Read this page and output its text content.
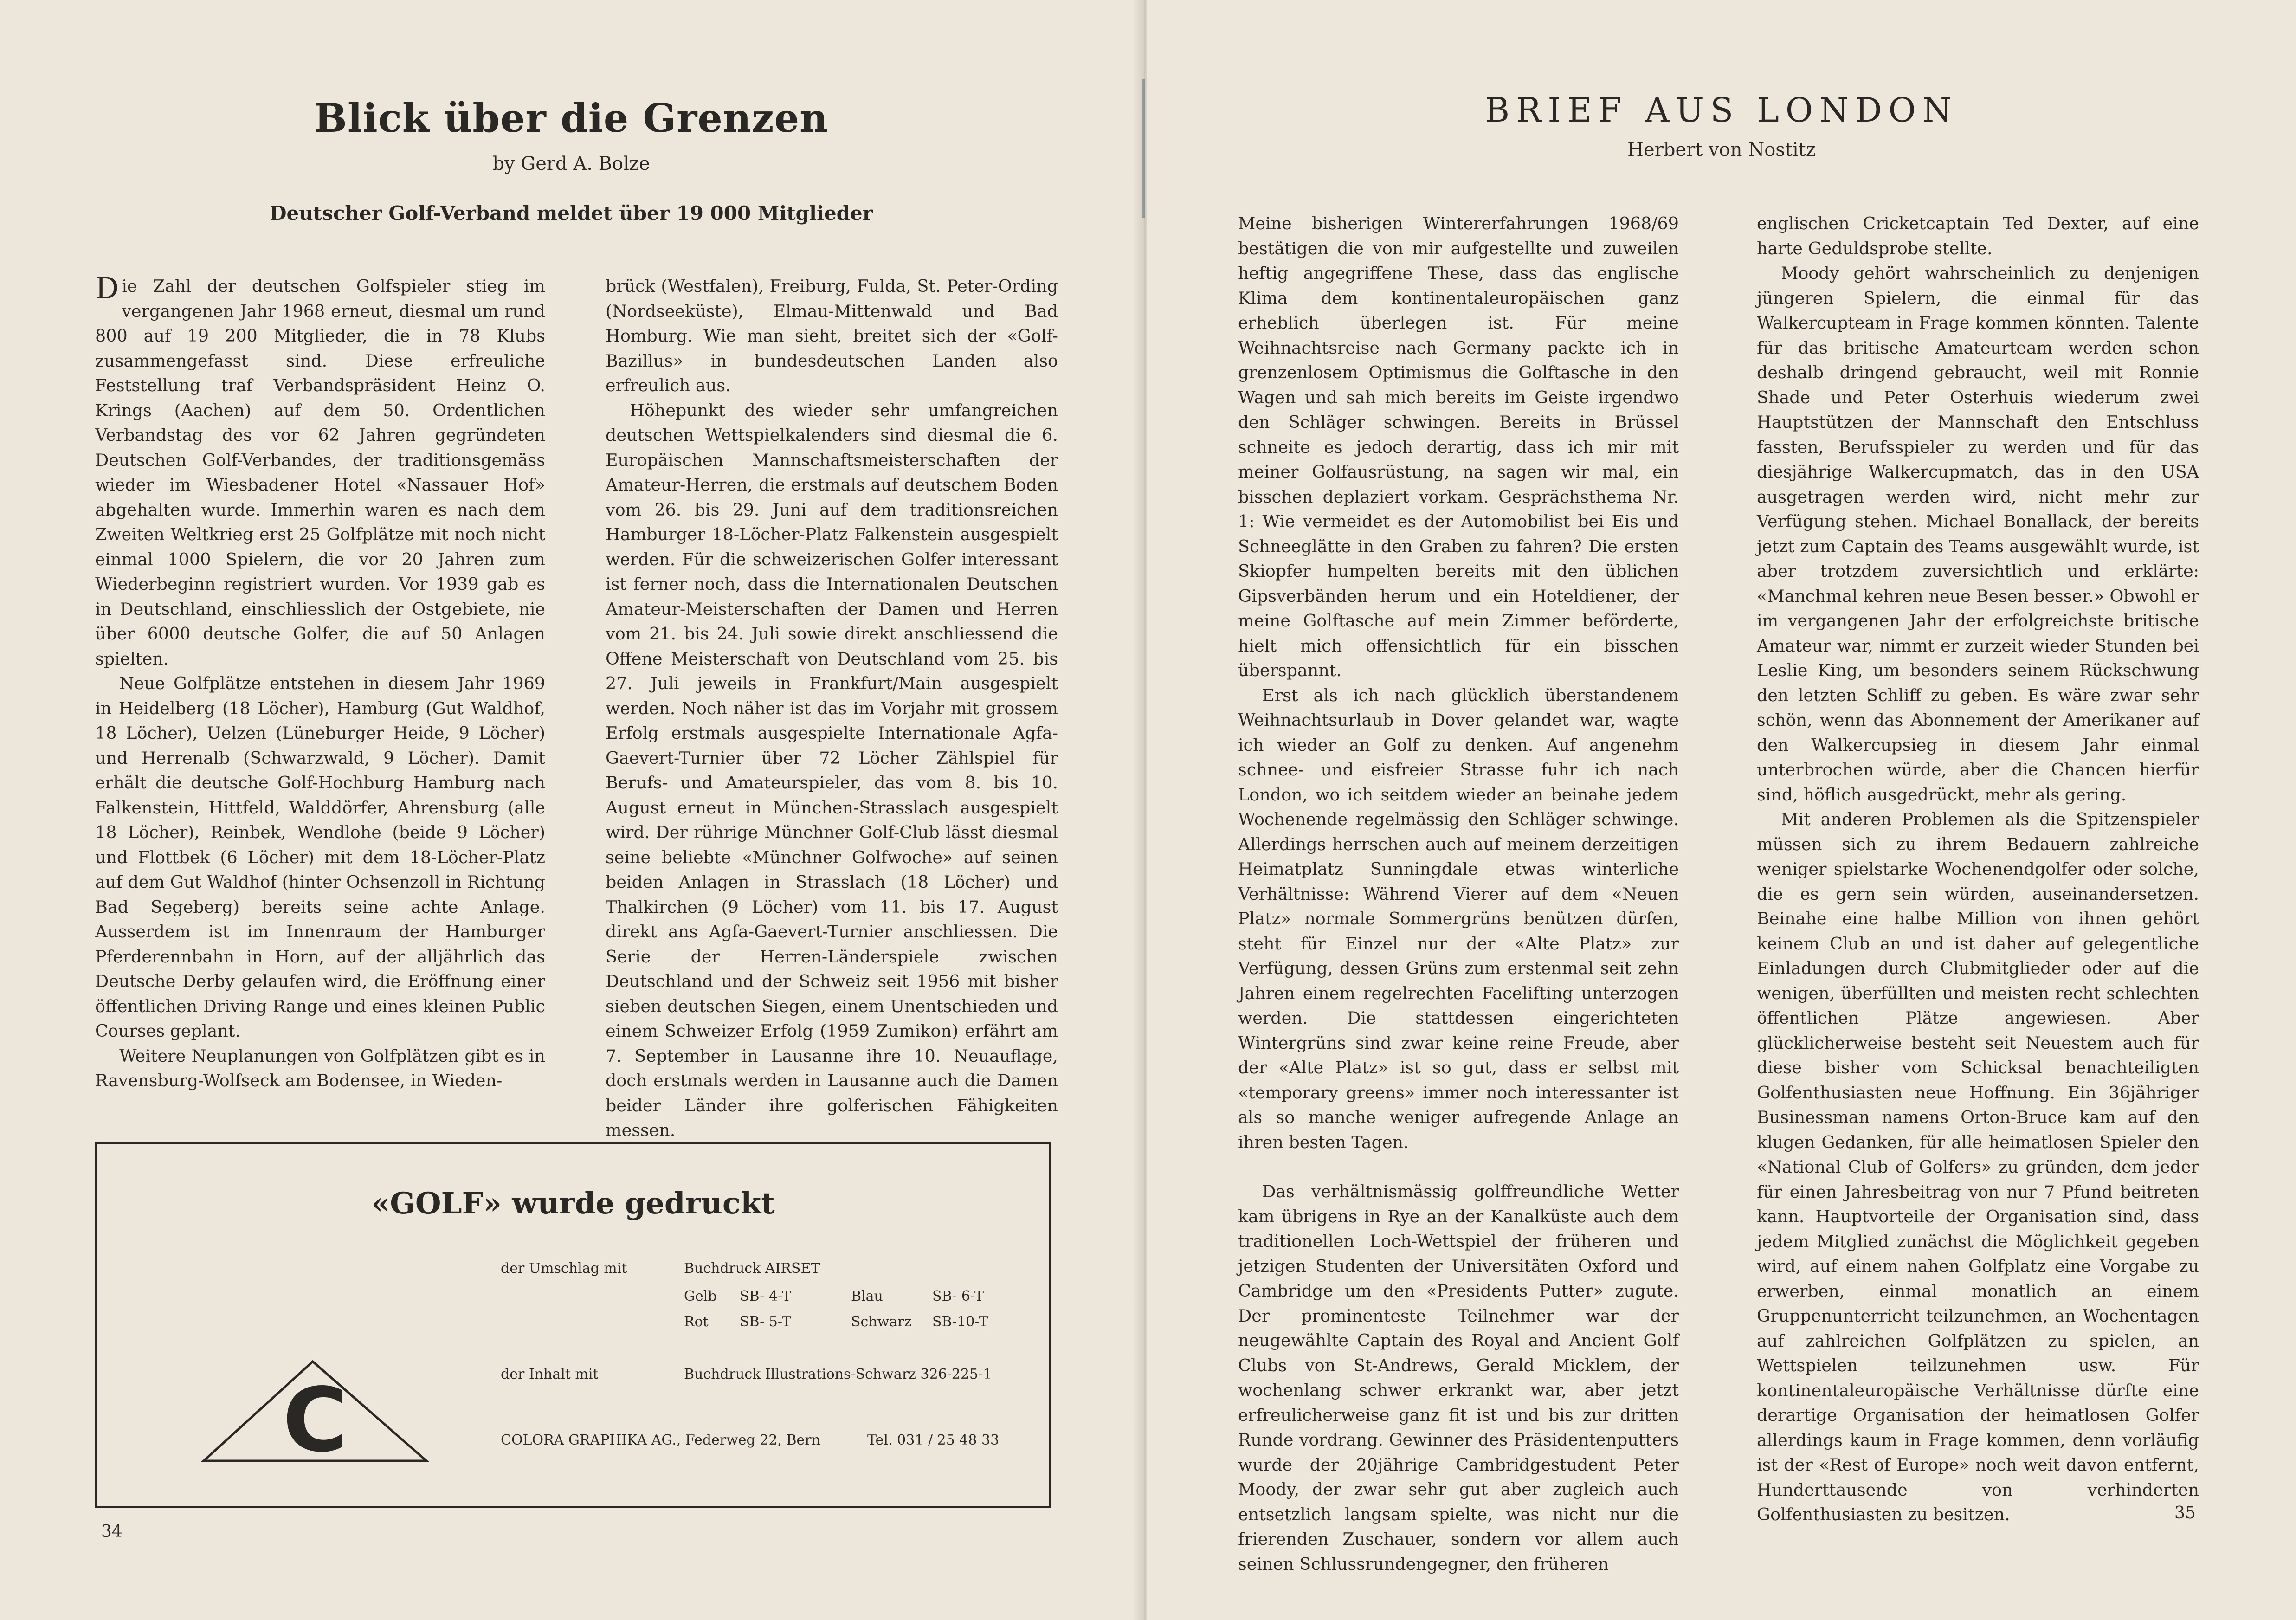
Blick über die Grenzen
by Gerd A. Bolze
Deutscher Golf-Verband meldet über 19 000 Mitglieder

Die Zahl der deutschen Golfspieler stieg im vergangenen Jahr 1968 erneut, diesmal um rund 800 auf 19 200 Mitglieder, die in 78 Klubs zusammengefasst sind. Diese erfreuliche Feststellung traf Verbandspräsident Heinz O. Krings (Aachen) auf dem 50. Ordentlichen Verbandstag des vor 62 Jahren gegründeten Deutschen Golf-Verbandes, der traditionsgemäss wieder im Wiesbadener Hotel «Nassauer Hof» abgehalten wurde. Immerhin waren es nach dem Zweiten Weltkrieg erst 25 Golfplätze mit noch nicht einmal 1000 Spielern, die vor 20 Jahren zum Wiederbeginn registriert wurden. Vor 1939 gab es in Deutschland, einschliesslich der Ostgebiete, nie über 6000 deutsche Golfer, die auf 50 Anlagen spielten.

Neue Golfplätze entstehen in diesem Jahr 1969 in Heidelberg (18 Löcher), Hamburg (Gut Waldhof, 18 Löcher), Uelzen (Lüneburger Heide, 9 Löcher) und Herrenalb (Schwarzwald, 9 Löcher). Damit erhält die deutsche Golf-Hochburg Hamburg nach Falkenstein, Hittfeld, Walddörfer, Ahrensburg (alle 18 Löcher), Reinbek, Wendlohe (beide 9 Löcher) und Flottbek (6 Löcher) mit dem 18-Löcher-Platz auf dem Gut Waldhof (hinter Ochsenzoll in Richtung Bad Segeberg) bereits seine achte Anlage. Ausserdem ist im Innenraum der Hamburger Pferderennbahn in Horn, auf der alljährlich das Deutsche Derby gelaufen wird, die Eröffnung einer öffentlichen Driving Range und eines kleinen Public Courses geplant.

Weitere Neuplanungen von Golfplätzen gibt es in Ravensburg-Wolfseck am Bodensee, in Wieden-

brück (Westfalen), Freiburg, Fulda, St. Peter-Ording (Nordseeküste), Elmau-Mittenwald und Bad Homburg. Wie man sieht, breitet sich der «Golf-Bazillus» in bundesdeutschen Landen also erfreulich aus.

Höhepunkt des wieder sehr umfangreichen deutschen Wettspielkalenders sind diesmal die 6. Europäischen Mannschaftsmeisterschaften der Amateur-Herren, die erstmals auf deutschem Boden vom 26. bis 29. Juni auf dem traditionsreichen Hamburger 18-Löcher-Platz Falkenstein ausgespielt werden. Für die schweizerischen Golfer interessant ist ferner noch, dass die Internationalen Deutschen Amateur-Meisterschaften der Damen und Herren vom 21. bis 24. Juli sowie direkt anschliessend die Offene Meisterschaft von Deutschland vom 25. bis 27. Juli jeweils in Frankfurt/Main ausgespielt werden. Noch näher ist das im Vorjahr mit grossem Erfolg erstmals ausgespielte Internationale Agfa-Gaevert-Turnier über 72 Löcher Zählspiel für Berufs- und Amateurspieler, das vom 8. bis 10. August erneut in München-Strasslach ausgespielt wird. Der rührige Münchner Golf-Club lässt diesmal seine beliebte «Münchner Golfwoche» auf seinen beiden Anlagen in Strasslach (18 Löcher) und Thalkirchen (9 Löcher) vom 11. bis 17. August direkt ans Agfa-Gaevert-Turnier anschliessen. Die Serie der Herren-Länderspiele zwischen Deutschland und der Schweiz seit 1956 mit bisher sieben deutschen Siegen, einem Unentschieden und einem Schweizer Erfolg (1959 Zumikon) erfährt am 7. September in Lausanne ihre 10. Neuauflage, doch erstmals werden in Lausanne auch die Damen beider Länder ihre golferischen Fähigkeiten messen.

«GOLF» wurde gedruckt
der Umschlag mit	Buchdruck AIRSET
Gelb SB- 4-T	Blau	SB- 6-T
Rot SB- 5-T	Schwarz SB-10-T
der Inhalt mit	Buchdruck Illustrations-Schwarz 326-225-1
COLORA GRAPHIKA AG., Federweg 22, Bern	Tel. 031 / 25 48 33
C
34
BRIEF AUS LONDON
Herbert von Nostitz

Meine bisherigen Wintererfahrungen 1968/69 bestätigen die von mir aufgestellte und zuweilen heftig angegriffene These, dass das englische Klima dem kontinentaleuropäischen ganz erheblich überlegen ist. Für meine Weihnachtsreise nach Germany packte ich in grenzenlosem Optimismus die Golftasche in den Wagen und sah mich bereits im Geiste irgendwo den Schläger schwingen. Bereits in Brüssel schneite es jedoch derartig, dass ich mir mit meiner Golfausrüstung, na sagen wir mal, ein bisschen deplaziert vorkam. Gesprächsthema Nr. 1: Wie vermeidet es der Automobilist bei Eis und Schneeglätte in den Graben zu fahren? Die ersten Skiopfer humpelten bereits mit den üblichen Gipsverbänden herum und ein Hoteldiener, der meine Golftasche auf mein Zimmer beförderte, hielt mich offensichtlich für ein bisschen überspannt.

Erst als ich nach glücklich überstandenem Weihnachtsurlaub in Dover gelandet war, wagte ich wieder an Golf zu denken. Auf angenehm schnee- und eisfreier Strasse fuhr ich nach London, wo ich seitdem wieder an beinahe jedem Wochenende regelmässig den Schläger schwinge. Allerdings herrschen auch auf meinem derzeitigen Heimatplatz Sunningdale etwas winterliche Verhältnisse: Während Vierer auf dem «Neuen Platz» normale Sommergrüns benützen dürfen, steht für Einzel nur der «Alte Platz» zur Verfügung, dessen Grüns zum erstenmal seit zehn Jahren einem regelrechten Facelifting unterzogen werden. Die stattdessen eingerichteten Wintergrüns sind zwar keine reine Freude, aber der «Alte Platz» ist so gut, dass er selbst mit «temporary greens» immer noch interessanter ist als so manche weniger aufregende Anlage an ihren besten Tagen.

Das verhältnismässig golffreundliche Wetter kam übrigens in Rye an der Kanalküste auch dem traditionellen Loch-Wettspiel der früheren und jetzigen Studenten der Universitäten Oxford und Cambridge um den «Presidents Putter» zugute. Der prominenteste Teilnehmer war der neugewählte Captain des Royal and Ancient Golf Clubs von St-Andrews, Gerald Micklem, der wochenlang schwer erkrankt war, aber jetzt erfreulicherweise ganz fit ist und bis zur dritten Runde vordrang. Gewinner des Präsidentenputters wurde der 20jährige Cambridgestudent Peter Moody, der zwar sehr gut aber zugleich auch entsetzlich langsam spielte, was nicht nur die frierenden Zuschauer, sondern vor allem auch seinen Schlussrundengegner, den früheren

englischen Cricketcaptain Ted Dexter, auf eine harte Geduldsprobe stellte.

Moody gehört wahrscheinlich zu denjenigen jüngeren Spielern, die einmal für das Walkercupteam in Frage kommen könnten. Talente für das britische Amateurteam werden schon deshalb dringend gebraucht, weil mit Ronnie Shade und Peter Osterhuis wiederum zwei Hauptstützen der Mannschaft den Entschluss fassten, Berufsspieler zu werden und für das diesjährige Walkercupmatch, das in den USA ausgetragen werden wird, nicht mehr zur Verfügung stehen. Michael Bonallack, der bereits jetzt zum Captain des Teams ausgewählt wurde, ist aber trotzdem zuversichtlich und erklärte: «Manchmal kehren neue Besen besser.» Obwohl er im vergangenen Jahr der erfolgreichste britische Amateur war, nimmt er zurzeit wieder Stunden bei Leslie King, um besonders seinem Rückschwung den letzten Schliff zu geben. Es wäre zwar sehr schön, wenn das Abonnement der Amerikaner auf den Walkercupsieg in diesem Jahr einmal unterbrochen würde, aber die Chancen hierfür sind, höflich ausgedrückt, mehr als gering.

Mit anderen Problemen als die Spitzenspieler müssen sich zu ihrem Bedauern zahlreiche weniger spielstarke Wochenendgolfer oder solche, die es gern sein würden, auseinandersetzen. Beinahe eine halbe Million von ihnen gehört keinem Club an und ist daher auf gelegentliche Einladungen durch Clubmitglieder oder auf die wenigen, überfüllten und meisten recht schlechten öffentlichen Plätze angewiesen. Aber glücklicherweise besteht seit Neuestem auch für diese bisher vom Schicksal benachteiligten Golfenthusiasten neue Hoffnung. Ein 36jähriger Businessman namens Orton-Bruce kam auf den klugen Gedanken, für alle heimatlosen Spieler den «National Club of Golfers» zu gründen, dem jeder für einen Jahresbeitrag von nur 7 Pfund beitreten kann. Hauptvorteile der Organisation sind, dass jedem Mitglied zunächst die Möglichkeit gegeben wird, auf einem nahen Golfplatz eine Vorgabe zu erwerben, einmal monatlich an einem Gruppenunterricht teilzunehmen, an Wochentagen auf zahlreichen Golfplätzen zu spielen, an Wettspielen teilzunehmen usw. Für kontinentaleuropäische Verhältnisse dürfte eine derartige Organisation der heimatlosen Golfer allerdings kaum in Frage kommen, denn vorläufig ist der «Rest of Europe» noch weit davon entfernt, Hunderttausende von verhinderten Golfenthusiasten zu besitzen.	35
